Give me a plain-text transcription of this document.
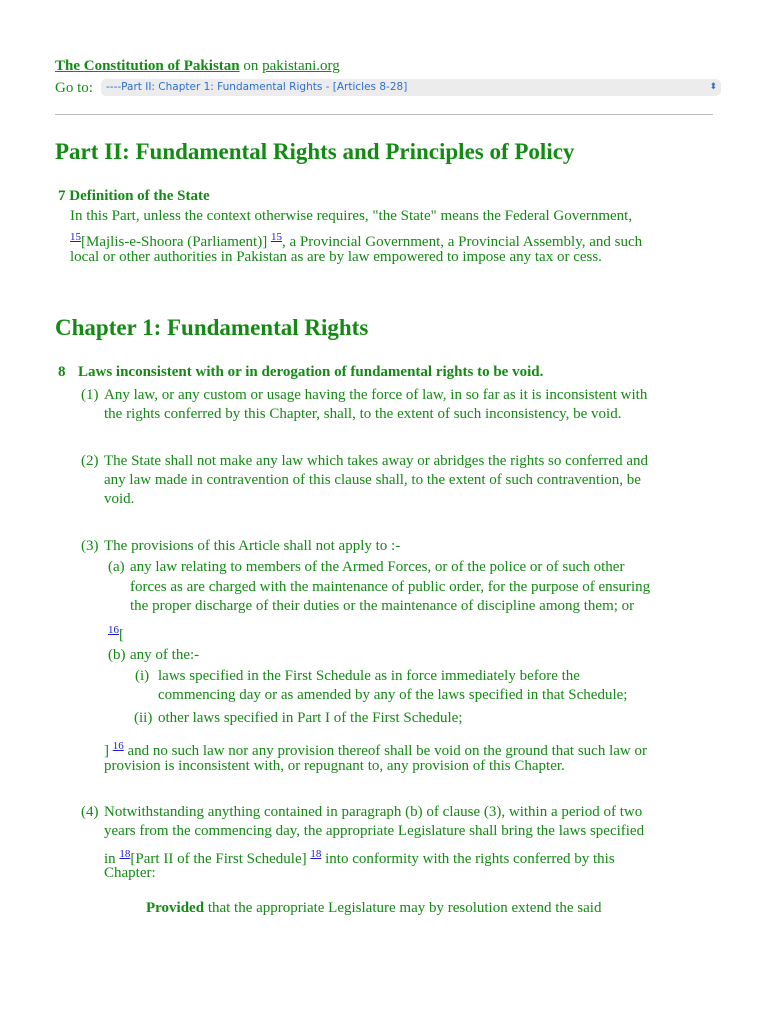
The Constitution of Pakistan on pakistani.org
Go to:	----Part II: Chapter 1: Fundamental Rights - [Articles 8-28]	⬍
Part II: Fundamental Rights and Principles of Policy

7 Definition of the State

In this Part, unless the context otherwise requires, "the State" means the Federal Government,

$^{15}$[Majlis-e-Shoora (Parliament)] $^{15}$, a Provincial Government, a Provincial Assembly, and such

local or other authorities in Pakistan as are by law empowered to impose any tax or cess.

Chapter 1: Fundamental Rights

8 Laws inconsistent with or in derogation of fundamental rights to be void.

(1) Any law, or any custom or usage having the force of law, in so far as it is inconsistent with

the rights conferred by this Chapter, shall, to the extent of such inconsistency, be void.

(2) The State shall not make any law which takes away or abridges the rights so conferred and

any law made in contravention of this clause shall, to the extent of such contravention, be

void.

(3) The provisions of this Article shall not apply to :-

(a) any law relating to members of the Armed Forces, or of the police or of such other

forces as are charged with the maintenance of public order, for the purpose of ensuring

the proper discharge of their duties or the maintenance of discipline among them; or

$^{16}$[

(b) any of the:-

(i) laws specified in the First Schedule as in force immediately before the

commencing day or as amended by any of the laws specified in that Schedule;

(ii) other laws specified in Part I of the First Schedule;

] $^{16}$ and no such law nor any provision thereof shall be void on the ground that such law or

provision is inconsistent with, or repugnant to, any provision of this Chapter.

(4) Notwithstanding anything contained in paragraph (b) of clause (3), within a period of two

years from the commencing day, the appropriate Legislature shall bring the laws specified

in $^{18}$[Part II of the First Schedule] $^{18}$ into conformity with the rights conferred by this

Chapter:

Provided that the appropriate Legislature may by resolution extend the said
